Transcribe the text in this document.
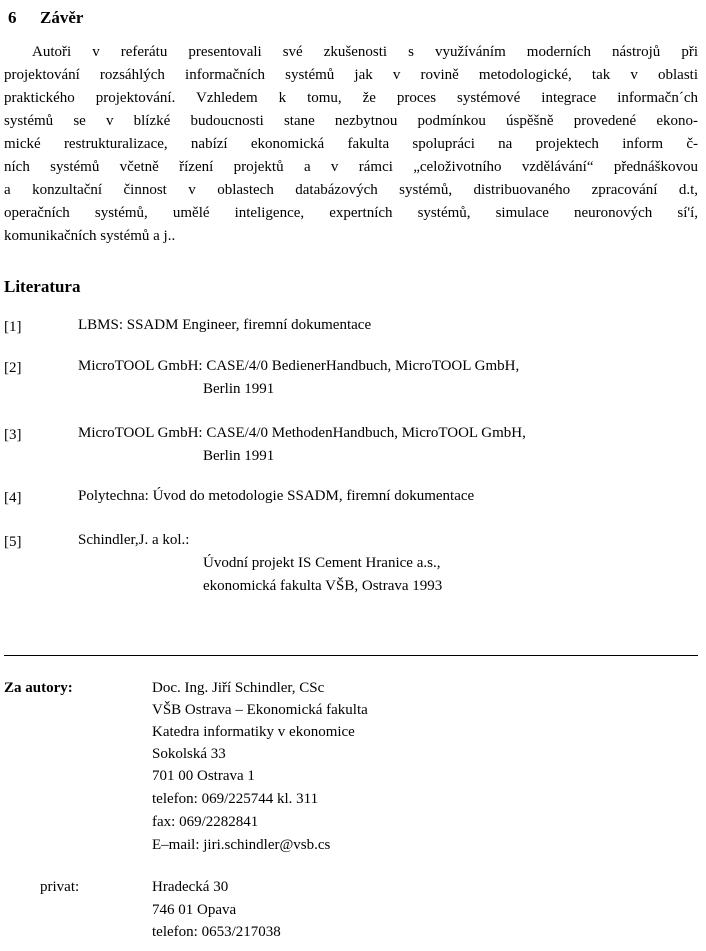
6 Závěr
Autoři v referátu presentovali své zkušenosti s využíváním moderních nástrojů při
projektování rozsáhlých informačních systémů jak v rovině metodologické, tak v oblasti
praktického projektování. Vzhledem k tomu, že proces systémové integrace informačn´ch
systémů se v blízké budoucnosti stane nezbytnou podmínkou úspěšně provedené ekono-
mické restrukturalizace, nabízí ekonomická fakulta spolupráci na projektech inform č-
ních systémů včetně řízení projektů a v rámci „celoživotního vzdělávání“ přednáškovou
a konzultační činnost v oblastech databázových systémů, distribuovaného zpracování d.t,
operačních systémů, umělé inteligence, expertních systémů, simulace neuronových sí'í,
komunikačních systémů a j..
Literatura
[1]	LBMS: SSADM Engineer, firemní dokumentace
[2]	MicroTOOL GmbH: CASE/4/0 BedienerHandbuch, MicroTOOL GmbH,
Berlin 1991
[3]	MicroTOOL GmbH: CASE/4/0 MethodenHandbuch, MicroTOOL GmbH,
Berlin 1991
[4]	Polytechna: Úvod do metodologie SSADM, firemní dokumentace
[5]	Schindler,J. a kol.:
Úvodní projekt IS Cement Hranice a.s.,
ekonomická fakulta VŠB, Ostrava 1993
Za autory:	Doc. Ing. Jiří Schindler, CSc
VŠB Ostrava – Ekonomická fakulta
Katedra informatiky v ekonomice
Sokolská 33
701 00 Ostrava 1
telefon: 069/225744 kl. 311
fax: 069/2282841
E–mail: jiri.schindler@vsb.cs
privat:	Hradecká 30
746 01 Opava
telefon: 0653/217038
